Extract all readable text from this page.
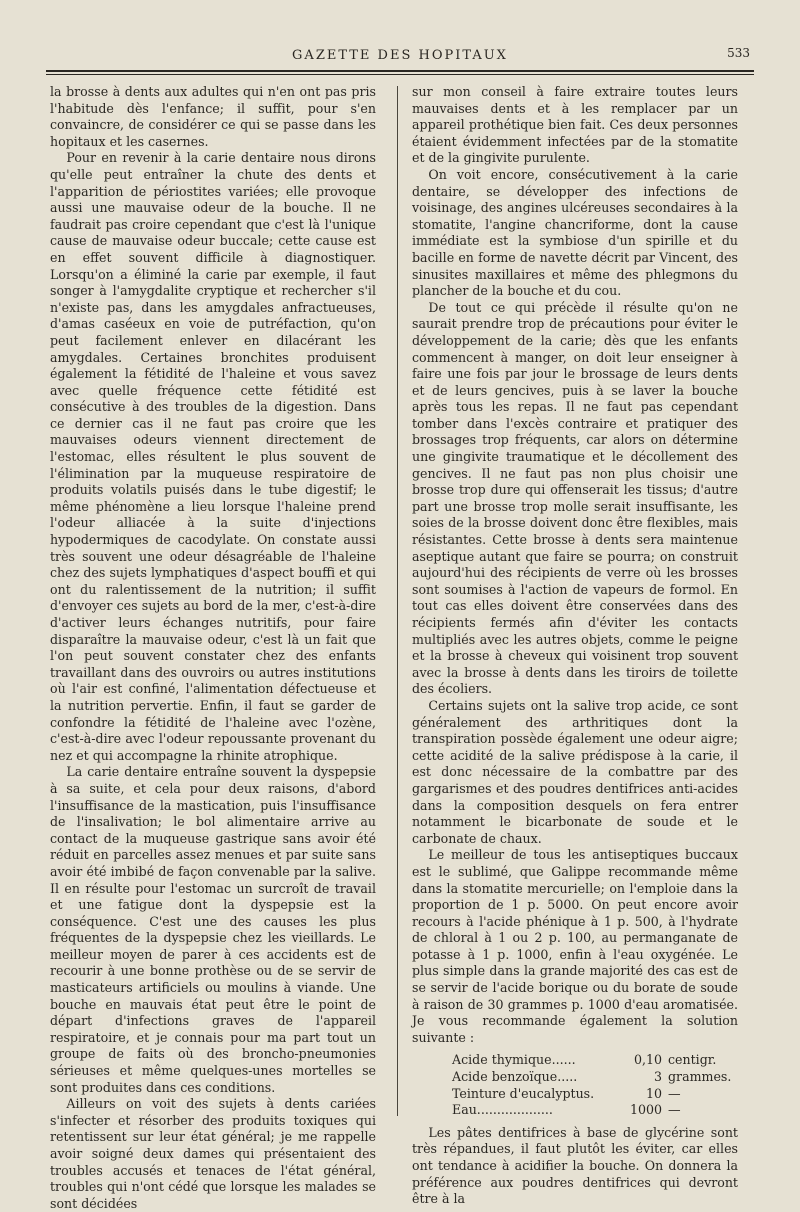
GAZETTE DES HOPITAUX	533

la brosse à dents aux adultes qui n'en ont pas pris l'habitude dès l'enfance; il suffit, pour s'en convaincre, de considérer ce qui se passe dans les hopitaux et les casernes.

Pour en revenir à la carie dentaire nous dirons qu'elle peut entraîner la chute des dents et l'apparition de périostites variées; elle provoque aussi une mauvaise odeur de la bouche. Il ne faudrait pas croire cependant que c'est là l'unique cause de mauvaise odeur buccale; cette cause est en effet souvent difficile à diagnostiquer. Lorsqu'on a éliminé la carie par exemple, il faut songer à l'amygdalite cryptique et rechercher s'il n'existe pas, dans les amygdales anfractueuses, d'amas caséeux en voie de putréfaction, qu'on peut facilement enlever en dilacérant les amygdales. Certaines bronchites produisent également la fétidité de l'haleine et vous savez avec quelle fréquence cette fétidité est consécutive à des troubles de la digestion. Dans ce dernier cas il ne faut pas croire que les mauvaises odeurs viennent directement de l'estomac, elles résultent le plus souvent de l'élimination par la muqueuse respiratoire de produits volatils puisés dans le tube digestif; le même phénomène a lieu lorsque l'haleine prend l'odeur alliacée à la suite d'injections hypodermiques de cacodylate. On constate aussi très souvent une odeur désagréable de l'haleine chez des sujets lymphatiques d'aspect bouffi et qui ont du ralentissement de la nutrition; il suffit d'envoyer ces sujets au bord de la mer, c'est-à-dire d'activer leurs échanges nutritifs, pour faire disparaître la mauvaise odeur, c'est là un fait que l'on peut souvent constater chez des enfants travaillant dans des ouvroirs ou autres institutions où l'air est confiné, l'alimentation défectueuse et la nutrition pervertie. Enfin, il faut se garder de confondre la fétidité de l'haleine avec l'ozène, c'est-à-dire avec l'odeur repoussante provenant du nez et qui accompagne la rhinite atrophique.

La carie dentaire entraîne souvent la dyspepsie à sa suite, et cela pour deux raisons, d'abord l'insuffisance de la mastication, puis l'insuffisance de l'insalivation; le bol alimentaire arrive au contact de la muqueuse gastrique sans avoir été réduit en parcelles assez menues et par suite sans avoir été imbibé de façon convenable par la salive. Il en résulte pour l'estomac un surcroît de travail et une fatigue dont la dyspepsie est la conséquence. C'est une des causes les plus fréquentes de la dyspepsie chez les vieillards. Le meilleur moyen de parer à ces accidents est de recourir à une bonne prothèse ou de se servir de masticateurs artificiels ou moulins à viande. Une bouche en mauvais état peut être le point de départ d'infections graves de l'appareil respiratoire, et je connais pour ma part tout un groupe de faits où des broncho-pneumonies sérieuses et même quelques-unes mortelles se sont produites dans ces conditions.

Ailleurs on voit des sujets à dents cariées s'infecter et résorber des produits toxiques qui retentissent sur leur état général; je me rappelle avoir soigné deux dames qui présentaient des troubles accusés et tenaces de l'état général, troubles qui n'ont cédé que lorsque les malades se sont décidées

sur mon conseil à faire extraire toutes leurs mauvaises dents et à les remplacer par un appareil prothétique bien fait. Ces deux personnes étaient évidemment infectées par de la stomatite et de la gingivite purulente.

On voit encore, consécutivement à la carie dentaire, se développer des infections de voisinage, des angines ulcéreuses secondaires à la stomatite, l'angine chancriforme, dont la cause immédiate est la symbiose d'un spirille et du bacille en forme de navette décrit par Vincent, des sinusites maxillaires et même des phlegmons du plancher de la bouche et du cou.

De tout ce qui précède il résulte qu'on ne saurait prendre trop de précautions pour éviter le développement de la carie; dès que les enfants commencent à manger, on doit leur enseigner à faire une fois par jour le brossage de leurs dents et de leurs gencives, puis à se laver la bouche après tous les repas. Il ne faut pas cependant tomber dans l'excès contraire et pratiquer des brossages trop fréquents, car alors on détermine une gingivite traumatique et le décollement des gencives. Il ne faut pas non plus choisir une brosse trop dure qui offenserait les tissus; d'autre part une brosse trop molle serait insuffisante, les soies de la brosse doivent donc être flexibles, mais résistantes. Cette brosse à dents sera maintenue aseptique autant que faire se pourra; on construit aujourd'hui des récipients de verre où les brosses sont soumises à l'action de vapeurs de formol. En tout cas elles doivent être conservées dans des récipients fermés afin d'éviter les contacts multipliés avec les autres objets, comme le peigne et la brosse à cheveux qui voisinent trop souvent avec la brosse à dents dans les tiroirs de toilette des écoliers.

Certains sujets ont la salive trop acide, ce sont généralement des arthritiques dont la transpiration possède également une odeur aigre; cette acidité de la salive prédispose à la carie, il est donc nécessaire de la combattre par des gargarismes et des poudres dentifrices anti-acides dans la composition desquels on fera entrer notamment le bicarbonate de soude et le carbonate de chaux.

Le meilleur de tous les antiseptiques buccaux est le sublimé, que Galippe recommande même dans la stomatite mercurielle; on l'emploie dans la proportion de 1 p. 5000. On peut encore avoir recours à l'acide phénique à 1 p. 500, à l'hydrate de chloral à 1 ou 2 p. 100, au permanganate de potasse à 1 p. 1000, enfin à l'eau oxygénée. Le plus simple dans la grande majorité des cas est de se servir de l'acide borique ou du borate de soude à raison de 30 grammes p. 1000 d'eau aromatisée. Je vous recommande également la solution suivante :

Acide thymique......	0,10 centigr.
Acide benzoïque.....	3 grammes.
Teinture d'eucalyptus.	10 —
Eau...................	1000 —

Les pâtes dentifrices à base de glycérine sont très répandues, il faut plutôt les éviter, car elles ont tendance à acidifier la bouche. On donnera la préférence aux poudres dentifrices qui devront être à la
